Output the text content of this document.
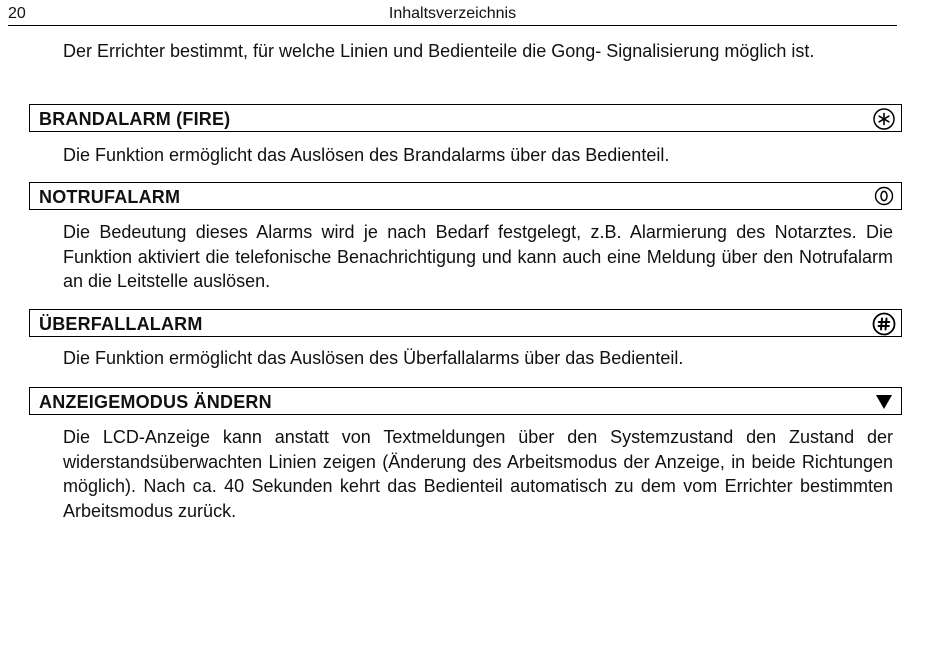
20	Inhaltsverzeichnis

Der Errichter bestimmt, für welche Linien und Bedienteile die Gong- Signalisierung möglich ist.

BRANDALARM (FIRE)

Die Funktion ermöglicht das Auslösen des Brandalarms über das Bedienteil.

NOTRUFALARM

Die Bedeutung dieses Alarms wird je nach Bedarf festgelegt, z.B. Alarmierung des Notarztes. Die Funktion aktiviert die telefonische Benachrichtigung und kann auch eine Meldung über den Notrufalarm an die Leitstelle auslösen.

ÜBERFALLALARM

Die Funktion ermöglicht das Auslösen des Überfallalarms über das Bedienteil.

ANZEIGEMODUS ÄNDERN

Die LCD-Anzeige kann anstatt von Textmeldungen über den Systemzustand den Zustand der widerstandsüberwachten Linien zeigen (Änderung des Arbeitsmodus der Anzeige, in beide Richtungen möglich). Nach ca. 40 Sekunden kehrt das Bedienteil automatisch zu dem vom Errichter bestimmten Arbeitsmodus zurück.
